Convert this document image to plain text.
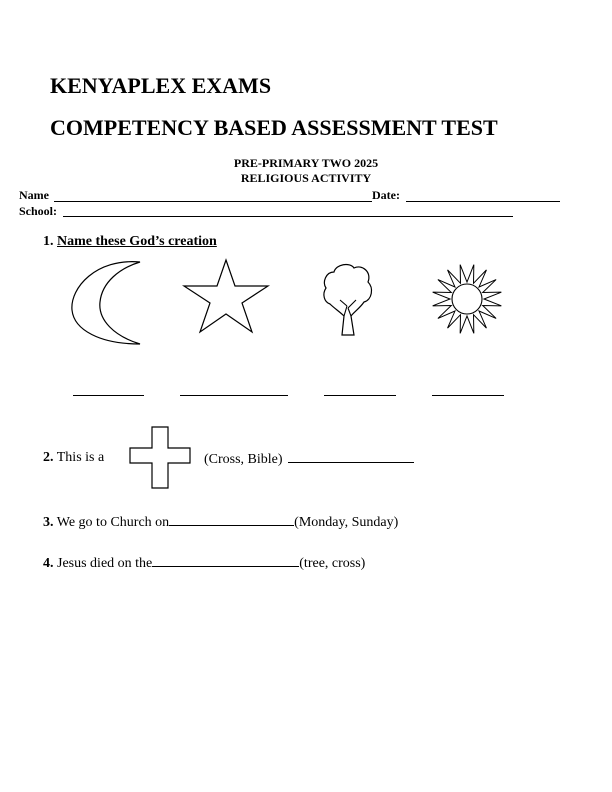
KENYAPLEX EXAMS
COMPETENCY BASED ASSESSMENT TEST
PRE-PRIMARY TWO 2025
RELIGIOUS ACTIVITY
Name	Date:
School:
1. Name these God’s creation
2. This is a	(Cross, Bible)
3. We go to Church on	(Monday, Sunday)
4. Jesus died on the	(tree, cross)
